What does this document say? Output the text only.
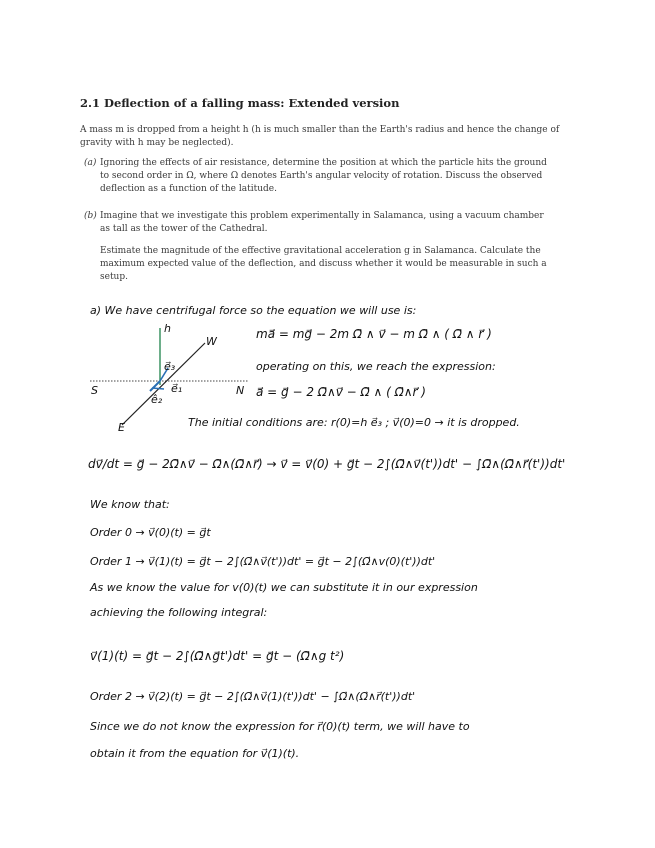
2.1 Deflection of a falling mass: Extended version
A mass m is dropped from a height h (h is much smaller than the Earth's radius and hence the change of gravity with h may be neglected).
(a) Ignoring the effects of air resistance, determine the position at which the particle hits the ground to second order in Ω, where Ω denotes Earth's angular velocity of rotation. Discuss the observed deflection as a function of the latitude.
(b) Imagine that we investigate this problem experimentally in Salamanca, using a vacuum chamber as tall as the tower of the Cathedral.
Estimate the magnitude of the effective gravitational acceleration g in Salamanca. Calculate the maximum expected value of the deflection, and discuss whether it would be measurable in such a setup.
a) We have centrifugal force so the equation we will use is:
h
W
S	N
e⃗₃
e⃗₁
ê₂
E
ma⃗ = mg⃗ − 2m Ω⃗ ∧ v⃗ − m Ω⃗ ∧ ( Ω⃗ ∧ r⃗ )
operating on this, we reach the expression:
a⃗ = g⃗ − 2 Ω⃗∧v⃗ − Ω⃗ ∧ ( Ω⃗∧r⃗ )
The initial conditions are: r(0)=h e⃗₃ ; v⃗(0)=0 → it is dropped.
dv⃗/dt = g⃗ − 2Ω⃗∧v⃗ − Ω⃗∧(Ω⃗∧r⃗) → v⃗ = v⃗(0) + g⃗t − 2∫(Ω⃗∧v⃗(t'))dt' − ∫Ω⃗∧(Ω⃗∧r⃗(t'))dt'
We know that:
Order 0 → v⃗(0)(t) = g⃗t
Order 1 → v⃗(1)(t) = g⃗t − 2∫(Ω⃗∧v⃗(t'))dt' = g⃗t − 2∫(Ω⃗∧v(0)(t'))dt'
As we know the value for v(0)(t) we can substitute it in our expression
achieving the following integral:
v⃗(1)(t) = g⃗t − 2∫(Ω⃗∧g⃗t')dt' = g⃗t − (Ω⃗∧g t²)
Order 2 → v⃗(2)(t) = g⃗t − 2∫(Ω⃗∧v⃗(1)(t'))dt' − ∫Ω⃗∧(Ω⃗∧r⃗(t'))dt'
Since we do not know the expression for r⃗(0)(t) term, we will have to
obtain it from the equation for v⃗(1)(t).
